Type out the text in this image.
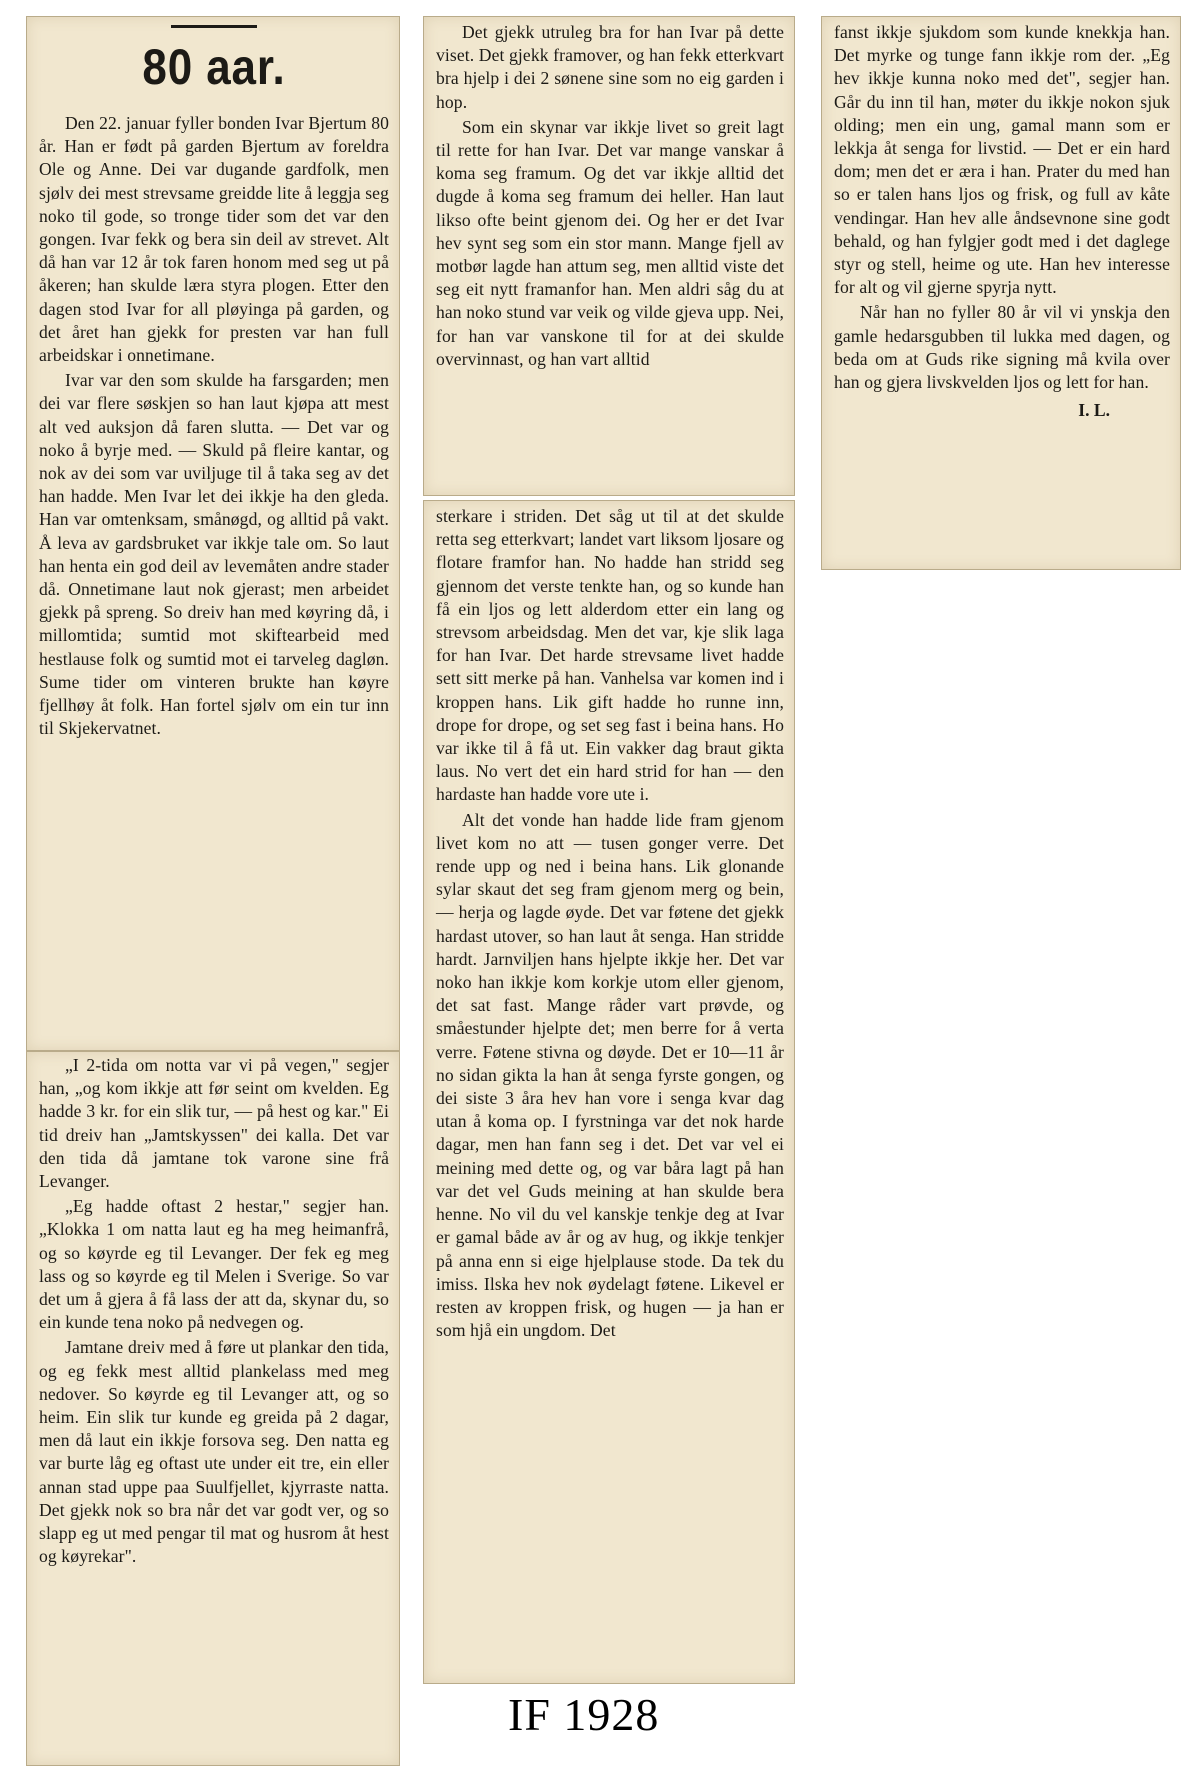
80 aar.

Den 22. januar fyller bonden Ivar Bjertum 80 år. Han er født på garden Bjertum av foreldra Ole og Anne. Dei var dugande gardfolk, men sjølv dei mest strevsame greidde lite å leggja seg noko til gode, so tronge tider som det var den gongen. Ivar fekk og bera sin deil av strevet. Alt då han var 12 år tok faren honom med seg ut på åkeren; han skulde læra styra plogen. Etter den dagen stod Ivar for all pløyinga på garden, og det året han gjekk for presten var han full arbeidskar i onnetimane.

Ivar var den som skulde ha farsgarden; men dei var flere søskjen so han laut kjøpa att mest alt ved auksjon då faren slutta. — Det var og noko å byrje med. — Skuld på fleire kantar, og nok av dei som var uviljuge til å taka seg av det han hadde. Men Ivar let dei ikkje ha den gleda. Han var omtenksam, smånøgd, og alltid på vakt. Å leva av gardsbruket var ikkje tale om. So laut han henta ein god deil av levemåten andre stader då. Onnetimane laut nok gjerast; men arbeidet gjekk på spreng. So dreiv han med køyring då, i millomtida; sumtid mot skiftearbeid med hestlause folk og sumtid mot ei tarveleg dagløn. Sume tider om vinteren brukte han køyre fjellhøy åt folk. Han fortel sjølv om ein tur inn til Skjekervatnet.

„I 2-tida om notta var vi på vegen," segjer han, „og kom ikkje att før seint om kvelden. Eg hadde 3 kr. for ein slik tur, — på hest og kar." Ei tid dreiv han „Jamtskyssen" dei kalla. Det var den tida då jamtane tok varone sine frå Levanger.

„Eg hadde oftast 2 hestar," segjer han. „Klokka 1 om natta laut eg ha meg heimanfrå, og so køyrde eg til Levanger. Der fek eg meg lass og so køyrde eg til Melen i Sverige. So var det um å gjera å få lass der att da, skynar du, so ein kunde tena noko på nedvegen og.

Jamtane dreiv med å føre ut plankar den tida, og eg fekk mest alltid plankelass med meg nedover. So køyrde eg til Levanger att, og so heim. Ein slik tur kunde eg greida på 2 dagar, men då laut ein ikkje forsova seg. Den natta eg var burte låg eg oftast ute under eit tre, ein eller annan stad uppe paa Suulfjellet, kjyrraste natta. Det gjekk nok so bra når det var godt ver, og so slapp eg ut med pengar til mat og husrom åt hest og køyrekar".

Det gjekk utruleg bra for han Ivar på dette viset. Det gjekk framover, og han fekk etterkvart bra hjelp i dei 2 sønene sine som no eig garden i hop.

Som ein skynar var ikkje livet so greit lagt til rette for han Ivar. Det var mange vanskar å koma seg framum. Og det var ikkje alltid det dugde å koma seg framum dei heller. Han laut likso ofte beint gjenom dei. Og her er det Ivar hev synt seg som ein stor mann. Mange fjell av motbør lagde han attum seg, men alltid viste det seg eit nytt framanfor han. Men aldri såg du at han noko stund var veik og vilde gjeva upp. Nei, for han var vanskone til for at dei skulde overvinnast, og han vart alltid

sterkare i striden. Det såg ut til at det skulde retta seg etterkvart; landet vart liksom ljosare og flotare framfor han. No hadde han stridd seg gjennom det verste tenkte han, og so kunde han få ein ljos og lett alderdom etter ein lang og strevsom arbeidsdag. Men det var, kje slik laga for han Ivar. Det harde strevsame livet hadde sett sitt merke på han. Vanhelsa var komen ind i kroppen hans. Lik gift hadde ho runne inn, drope for drope, og set seg fast i beina hans. Ho var ikke til å få ut. Ein vakker dag braut gikta laus. No vert det ein hard strid for han — den hardaste han hadde vore ute i.

Alt det vonde han hadde lide fram gjenom livet kom no att — tusen gonger verre. Det rende upp og ned i beina hans. Lik glonande sylar skaut det seg fram gjenom merg og bein, — herja og lagde øyde. Det var føtene det gjekk hardast utover, so han laut åt senga. Han stridde hardt. Jarnviljen hans hjelpte ikkje her. Det var noko han ikkje kom korkje utom eller gjenom, det sat fast. Mange råder vart prøvde, og småestunder hjelpte det; men berre for å verta verre. Føtene stivna og døyde. Det er 10—11 år no sidan gikta la han åt senga fyrste gongen, og dei siste 3 åra hev han vore i senga kvar dag utan å koma op. I fyrstninga var det nok harde dagar, men han fann seg i det. Det var vel ei meining med dette og, og var båra lagt på han var det vel Guds meining at han skulde bera henne. No vil du vel kanskje tenkje deg at Ivar er gamal både av år og av hug, og ikkje tenkjer på anna enn si eige hjelplause stode. Da tek du imiss. Ilska hev nok øydelagt føtene. Likevel er resten av kroppen frisk, og hugen — ja han er som hjå ein ungdom. Det

fanst ikkje sjukdom som kunde knekkja han. Det myrke og tunge fann ikkje rom der. „Eg hev ikkje kunna noko med det", segjer han. Går du inn til han, møter du ikkje nokon sjuk olding; men ein ung, gamal mann som er lekkja åt senga for livstid. — Det er ein hard dom; men det er æra i han. Prater du med han so er talen hans ljos og frisk, og full av kåte vendingar. Han hev alle åndsevnone sine godt behald, og han fylgjer godt med i det daglege styr og stell, heime og ute. Han hev interesse for alt og vil gjerne spyrja nytt.

Når han no fyller 80 år vil vi ynskja den gamle hedarsgubben til lukka med dagen, og beda om at Guds rike signing må kvila over han og gjera livskvelden ljos og lett for han.

I. L.
IF 1928
